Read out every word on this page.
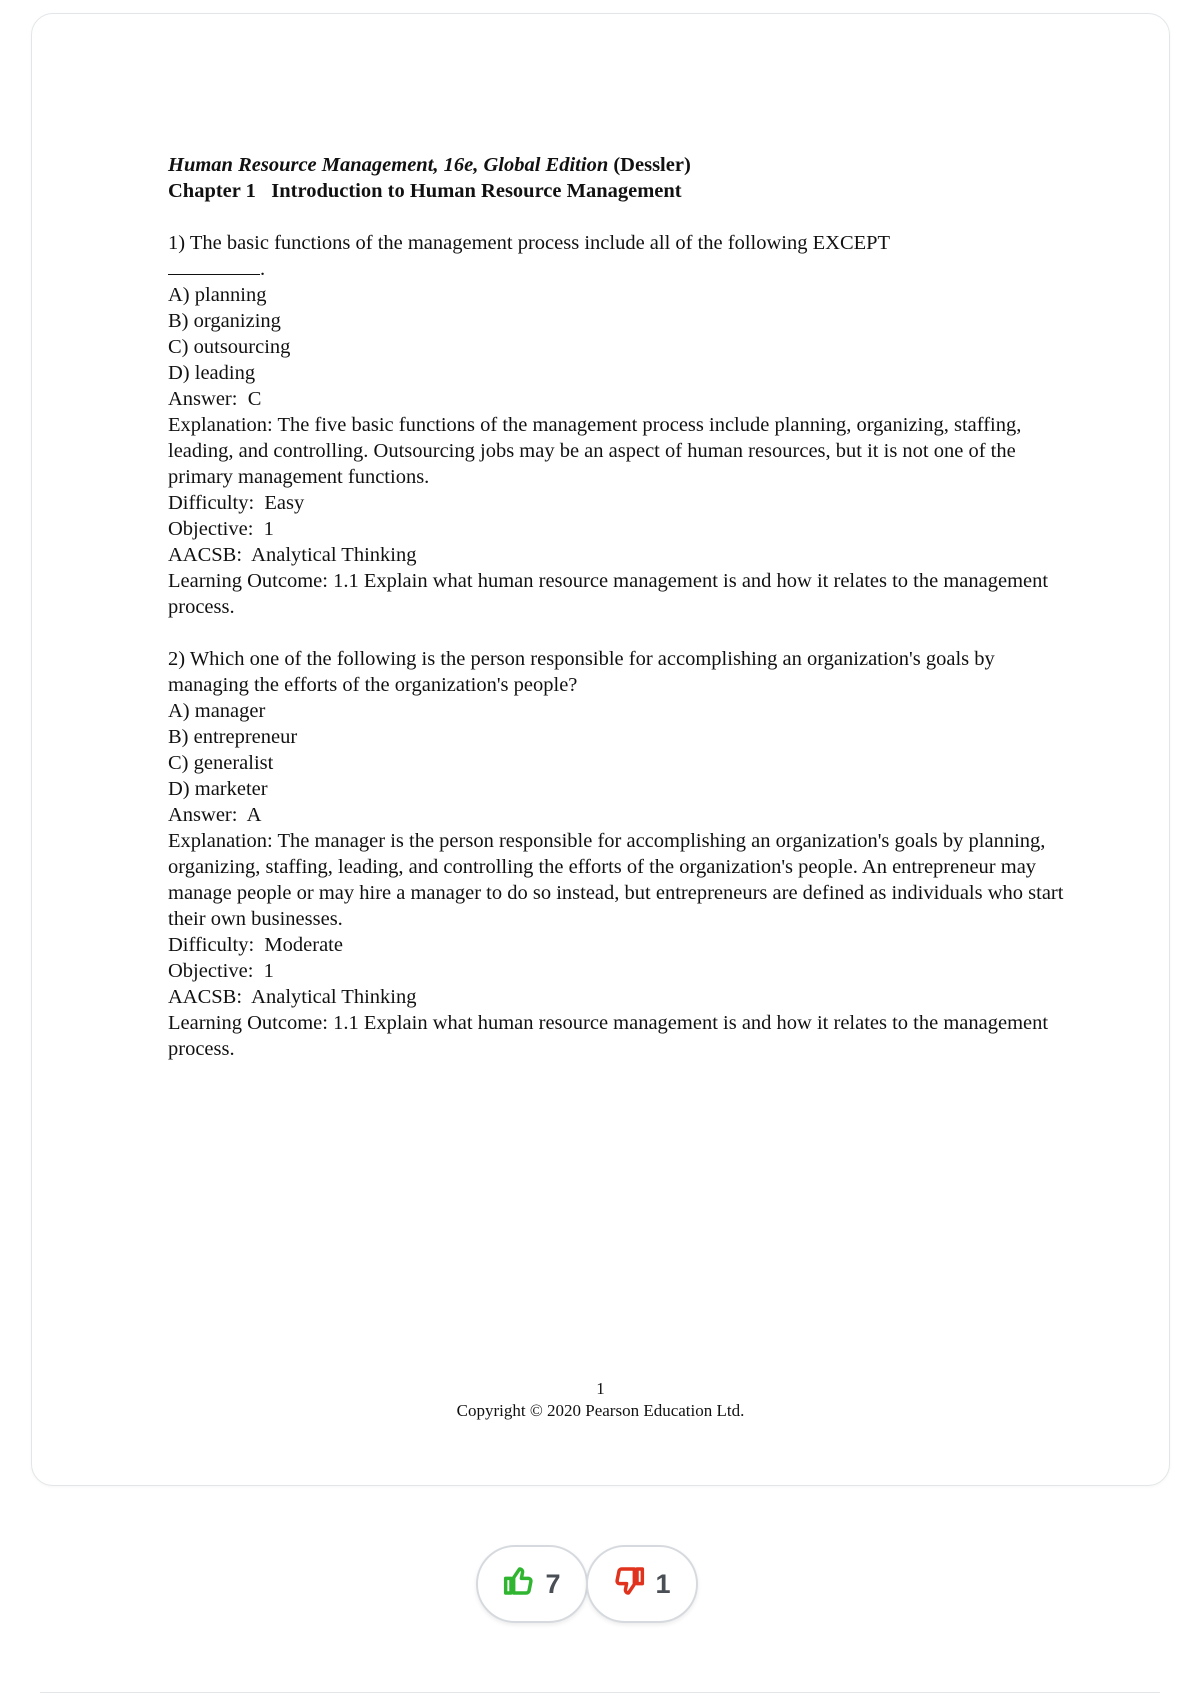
Human Resource Management, 16e, Global Edition (Dessler)
Chapter 1   Introduction to Human Resource Management
1) The basic functions of the management process include all of the following EXCEPT
.
A) planning
B) organizing
C) outsourcing
D) leading
Answer:  C
Explanation: The five basic functions of the management process include planning, organizing, staffing, leading, and controlling. Outsourcing jobs may be an aspect of human resources, but it is not one of the primary management functions.
Difficulty:  Easy
Objective:  1
AACSB:  Analytical Thinking
Learning Outcome: 1.1 Explain what human resource management is and how it relates to the management process.
2) Which one of the following is the person responsible for accomplishing an organization's goals by managing the efforts of the organization's people?
A) manager
B) entrepreneur
C) generalist
D) marketer
Answer:  A
Explanation: The manager is the person responsible for accomplishing an organization's goals by planning, organizing, staffing, leading, and controlling the efforts of the organization's people. An entrepreneur may manage people or may hire a manager to do so instead, but entrepreneurs are defined as individuals who start their own businesses.
Difficulty:  Moderate
Objective:  1
AACSB:  Analytical Thinking
Learning Outcome: 1.1 Explain what human resource management is and how it relates to the management process.
1
Copyright © 2020 Pearson Education Ltd.
7	1
